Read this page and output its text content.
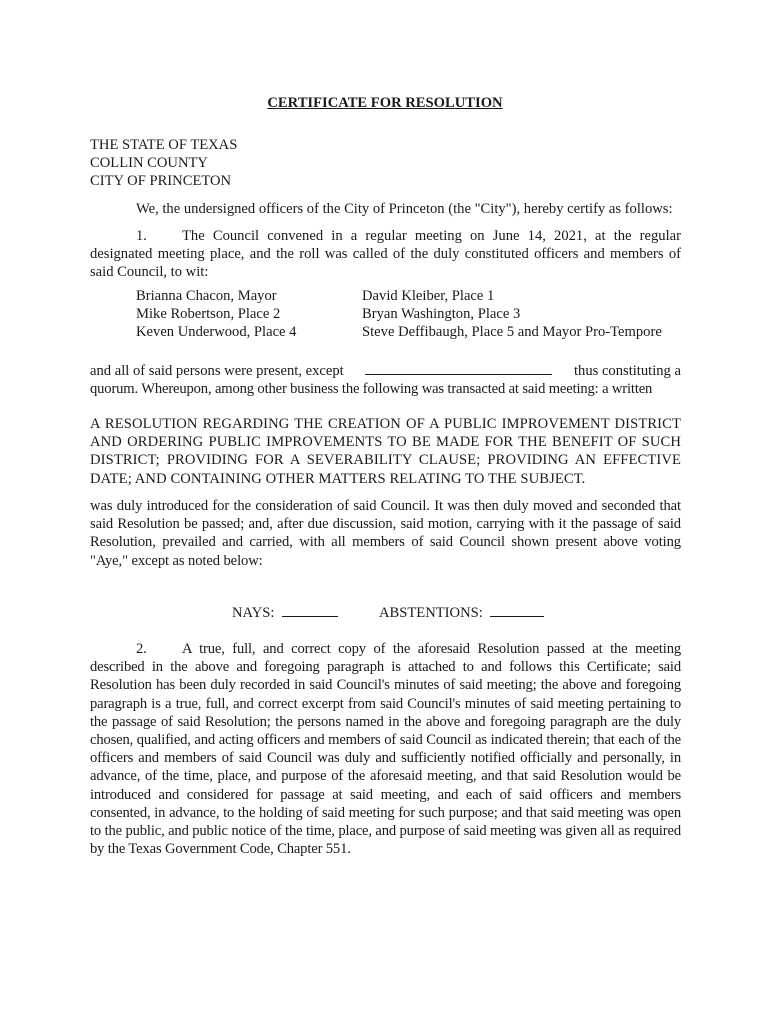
CERTIFICATE FOR RESOLUTION
THE STATE OF TEXAS
COLLIN COUNTY
CITY OF PRINCETON
We, the undersigned officers of the City of Princeton (the "City"), hereby certify as follows:
1. The Council convened in a regular meeting on June 14, 2021, at the regular designated meeting place, and the roll was called of the duly constituted officers and members of said Council, to wit:
Brianna Chacon, Mayor
Mike Robertson, Place 2
Keven Underwood, Place 4
David Kleiber, Place 1
Bryan Washington, Place 3
Steve Deffibaugh, Place 5 and Mayor Pro-Tempore
and all of said persons were present, except	thus constituting a
quorum. Whereupon, among other business the following was transacted at said meeting: a written
A RESOLUTION REGARDING THE CREATION OF A PUBLIC IMPROVEMENT DISTRICT AND ORDERING PUBLIC IMPROVEMENTS TO BE MADE FOR THE BENEFIT OF SUCH DISTRICT; PROVIDING FOR A SEVERABILITY CLAUSE; PROVIDING AN EFFECTIVE DATE; AND CONTAINING OTHER MATTERS RELATING TO THE SUBJECT.
was duly introduced for the consideration of said Council. It was then duly moved and seconded that said Resolution be passed; and, after due discussion, said motion, carrying with it the passage of said Resolution, prevailed and carried, with all members of said Council shown present above voting "Aye," except as noted below:
NAYS:	ABSTENTIONS:
2. A true, full, and correct copy of the aforesaid Resolution passed at the meeting described in the above and foregoing paragraph is attached to and follows this Certificate; said Resolution has been duly recorded in said Council's minutes of said meeting; the above and foregoing paragraph is a true, full, and correct excerpt from said Council's minutes of said meeting pertaining to the passage of said Resolution; the persons named in the above and foregoing paragraph are the duly chosen, qualified, and acting officers and members of said Council as indicated therein; that each of the officers and members of said Council was duly and sufficiently notified officially and personally, in advance, of the time, place, and purpose of the aforesaid meeting, and that said Resolution would be introduced and considered for passage at said meeting, and each of said officers and members consented, in advance, to the holding of said meeting for such purpose; and that said meeting was open to the public, and public notice of the time, place, and purpose of said meeting was given all as required by the Texas Government Code, Chapter 551.
